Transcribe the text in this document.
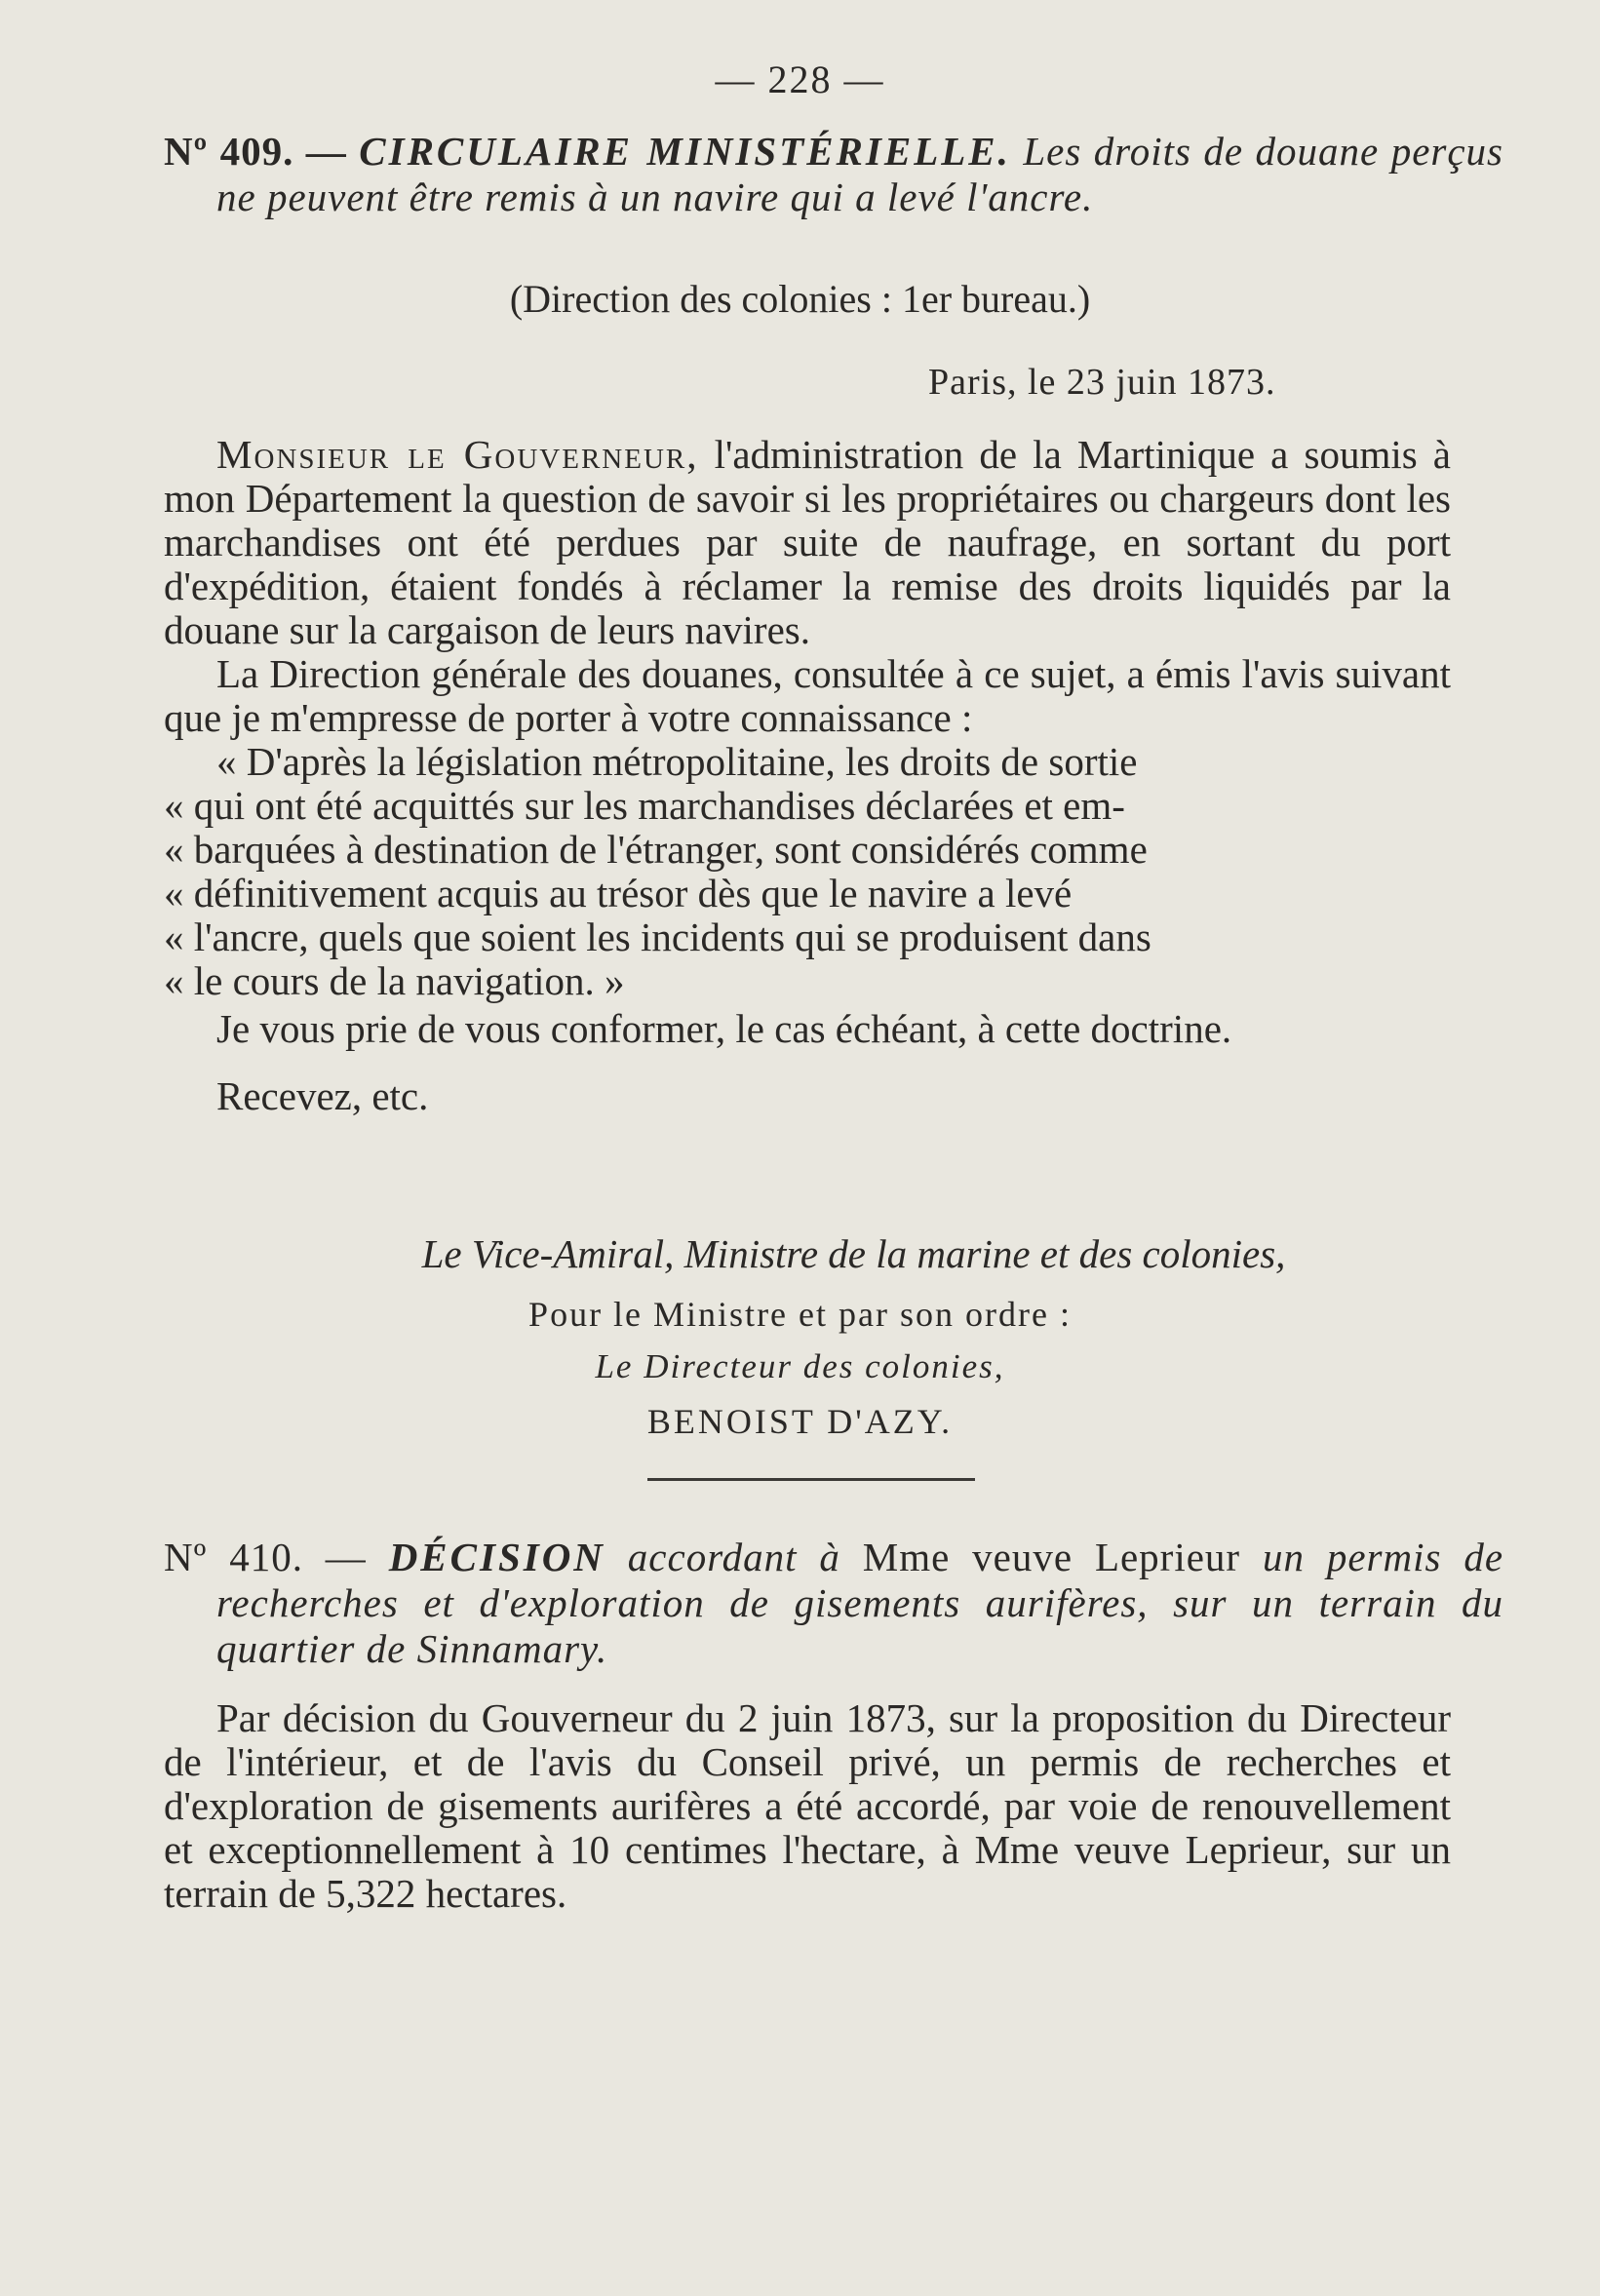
— 228 —
Nº 409. — CIRCULAIRE MINISTÉRIELLE. Les droits de douane perçus ne peuvent être remis à un navire qui a levé l'ancre.
(Direction des colonies : 1er bureau.)
Paris, le 23 juin 1873.

Monsieur le Gouverneur, l'administration de la Martinique a soumis à mon Département la question de savoir si les propriétaires ou chargeurs dont les marchandises ont été perdues par suite de naufrage, en sortant du port d'expédition, étaient fondés à réclamer la remise des droits liquidés par la douane sur la cargaison de leurs navires.

La Direction générale des douanes, consultée à ce sujet, a émis l'avis suivant que je m'empresse de porter à votre connaissance :

« D'après la législation métropolitaine, les droits de sortie

« qui ont été acquittés sur les marchandises déclarées et em-

« barquées à destination de l'étranger, sont considérés comme

« définitivement acquis au trésor dès que le navire a levé

« l'ancre, quels que soient les incidents qui se produisent dans

« le cours de la navigation. »

Je vous prie de vous conformer, le cas échéant, à cette doctrine.

Recevez, etc.

Le Vice-Amiral, Ministre de la marine et des colonies,
Pour le Ministre et par son ordre :
Le Directeur des colonies,
BENOIST D'AZY.
Nº 410. — DÉCISION accordant à Mme veuve Leprieur un permis de recherches et d'exploration de gisements aurifères, sur un terrain du quartier de Sinnamary.

Par décision du Gouverneur du 2 juin 1873, sur la proposition du Directeur de l'intérieur, et de l'avis du Conseil privé, un permis de recherches et d'exploration de gisements aurifères a été accordé, par voie de renouvellement et exceptionnellement à 10 centimes l'hectare, à Mme veuve Leprieur, sur un terrain de 5,322 hectares.
